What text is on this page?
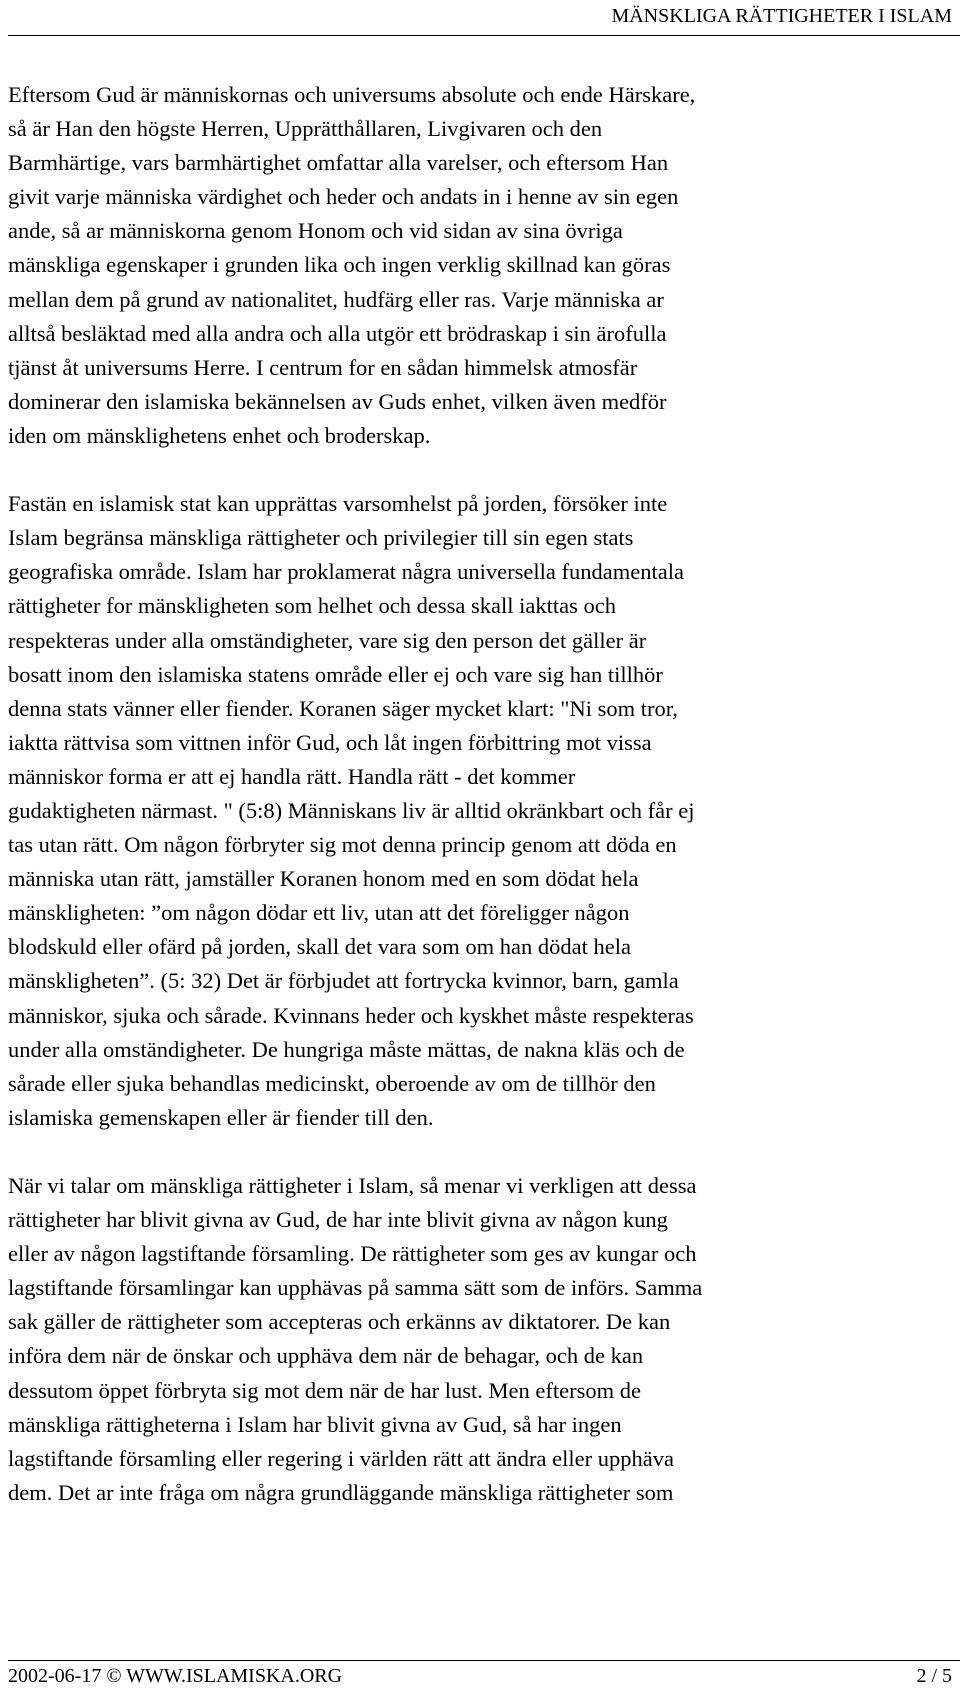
MÄNSKLIGA RÄTTIGHETER I ISLAM
Eftersom Gud är människornas och universums absolute och ende Härskare,
så är Han den högste Herren, Upprätthållaren, Livgivaren och den
Barmhärtige, vars barmhärtighet omfattar alla varelser, och eftersom Han
givit varje människa värdighet och heder och andats in i henne av sin egen
ande, så ar människorna genom Honom och vid sidan av sina övriga
mänskliga egenskaper i grunden lika och ingen verklig skillnad kan göras
mellan dem på grund av nationalitet, hudfärg eller ras. Varje människa ar
alltså besläktad med alla andra och alla utgör ett brödraskap i sin ärofulla
tjänst åt universums Herre. I centrum for en sådan himmelsk atmosfär
dominerar den islamiska bekännelsen av Guds enhet, vilken även medför
iden om mänsklighetens enhet och broderskap.
Fastän en islamisk stat kan upprättas varsomhelst på jorden, försöker inte
Islam begränsa mänskliga rättigheter och privilegier till sin egen stats
geografiska område. Islam har proklamerat några universella fundamentala
rättigheter for mänskligheten som helhet och dessa skall iakttas och
respekteras under alla omständigheter, vare sig den person det gäller är
bosatt inom den islamiska statens område eller ej och vare sig han tillhör
denna stats vänner eller fiender. Koranen säger mycket klart: "Ni som tror,
iaktta rättvisa som vittnen inför Gud, och låt ingen förbittring mot vissa
människor forma er att ej handla rätt. Handla rätt - det kommer
gudaktigheten närmast. " (5:8) Människans liv är alltid okränkbart och får ej
tas utan rätt. Om någon förbryter sig mot denna princip genom att döda en
människa utan rätt, jamställer Koranen honom med en som dödat hela
mänskligheten: ”om någon dödar ett liv, utan att det föreligger någon
blodskuld eller ofärd på jorden, skall det vara som om han dödat hela
mänskligheten”. (5: 32) Det är förbjudet att fortrycka kvinnor, barn, gamla
människor, sjuka och sårade. Kvinnans heder och kyskhet måste respekteras
under alla omständigheter. De hungriga måste mättas, de nakna kläs och de
sårade eller sjuka behandlas medicinskt, oberoende av om de tillhör den
islamiska gemenskapen eller är fiender till den.
När vi talar om mänskliga rättigheter i Islam, så menar vi verkligen att dessa
rättigheter har blivit givna av Gud, de har inte blivit givna av någon kung
eller av någon lagstiftande församling. De rättigheter som ges av kungar och
lagstiftande församlingar kan upphävas på samma sätt som de införs. Samma
sak gäller de rättigheter som accepteras och erkänns av diktatorer. De kan
införa dem när de önskar och upphäva dem när de behagar, och de kan
dessutom öppet förbryta sig mot dem när de har lust. Men eftersom de
mänskliga rättigheterna i Islam har blivit givna av Gud, så har ingen
lagstiftande församling eller regering i världen rätt att ändra eller upphäva
dem. Det ar inte fråga om några grundläggande mänskliga rättigheter som
2002-06-17 © WWW.ISLAMISKA.ORG	2 / 5
